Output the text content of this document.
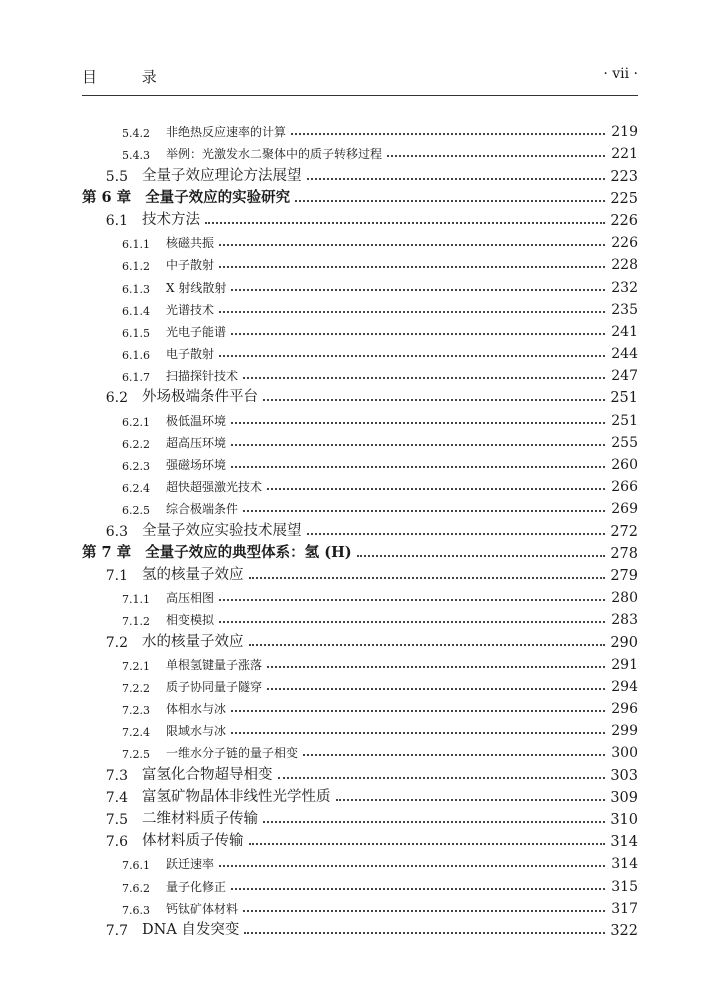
目 录	· vii ·
5.4.2	非绝热反应速率的计算	219
5.4.3	举例：光激发水二聚体中的质子转移过程	221
5.5 全量子效应理论方法展望	223
第 6 章 全量子效应的实验研究	225
6.1 技术方法	226
6.1.1	核磁共振	226
6.1.2	中子散射	228
6.1.3	X 射线散射	232
6.1.4	光谱技术	235
6.1.5	光电子能谱	241
6.1.6	电子散射	244
6.1.7	扫描探针技术	247
6.2 外场极端条件平台	251
6.2.1	极低温环境	251
6.2.2	超高压环境	255
6.2.3	强磁场环境	260
6.2.4	超快超强激光技术	266
6.2.5	综合极端条件	269
6.3 全量子效应实验技术展望	272
第 7 章 全量子效应的典型体系：氢 (H)	278
7.1 氢的核量子效应	279
7.1.1	高压相图	280
7.1.2	相变模拟	283
7.2 水的核量子效应	290
7.2.1	单根氢键量子涨落	291
7.2.2	质子协同量子隧穿	294
7.2.3	体相水与冰	296
7.2.4	限域水与冰	299
7.2.5	一维水分子链的量子相变	300
7.3 富氢化合物超导相变	303
7.4 富氢矿物晶体非线性光学性质	309
7.5 二维材料质子传输	310
7.6 体材料质子传输	314
7.6.1	跃迁速率	314
7.6.2	量子化修正	315
7.6.3	钙钛矿体材料	317
7.7 DNA 自发突变	322
